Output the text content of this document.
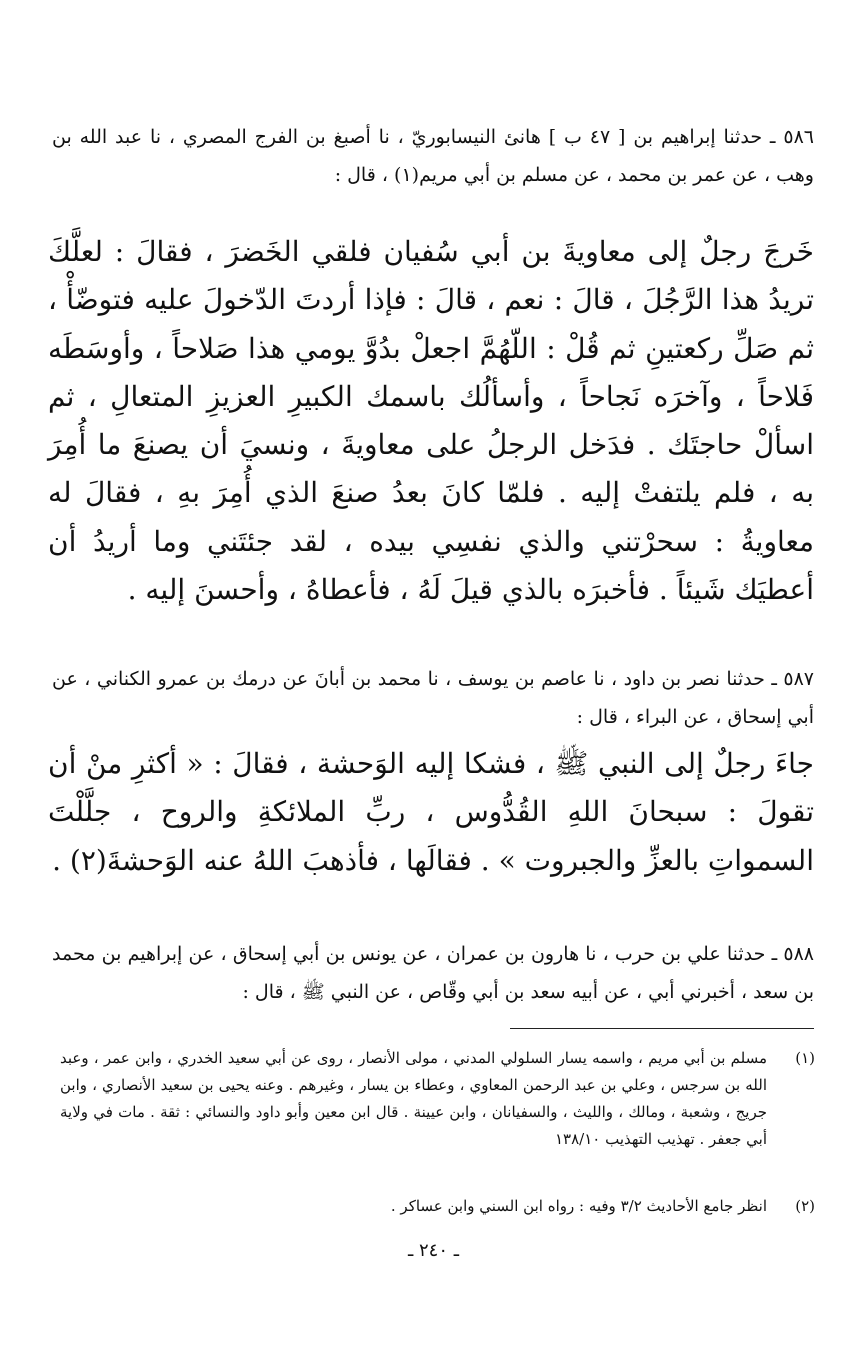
٥٨٦ ـ حدثنا إبراهيم بن [ ٤٧ ب ] هانئ النيسابوريّ ، نا أصبغ بن الفرج المصري ، نا عبد الله بن وهب ، عن عمر بن محمد ، عن مسلم بن أبي مريم(١) ، قال :

خَرجَ رجلٌ إلى معاويةَ بن أبي سُفيان فلقي الخَضرَ ، فقالَ : لعلَّكَ تريدُ هذا الرَّجُلَ ، قالَ : نعم ، قالَ : فإذا أردتَ الدّخولَ عليه فتوضّأْ ، ثم صَلِّ ركعتينِ ثم قُلْ : اللّهُمَّ اجعلْ بدُوَّ يومي هذا صَلاحاً ، وأوسَطَه فَلاحاً ، وآخرَه نَجاحاً ، وأسألُك باسمك الكبيرِ العزيزِ المتعالِ ، ثم اسألْ حاجتَك . فدَخل الرجلُ على معاويةَ ، ونسيَ أن يصنعَ ما أُمِرَ به ، فلم يلتفتْ إليه . فلمّا كانَ بعدُ صنعَ الذي أُمِرَ بهِ ، فقالَ له معاويةُ : سحرْتني والذي نفسِي بيده ، لقد جئتَني وما أريدُ أن أعطيَك شَيئاً . فأخبرَه بالذي قيلَ لَهُ ، فأعطاهُ ، وأحسنَ إليه .

٥٨٧ ـ حدثنا نصر بن داود ، نا عاصم بن يوسف ، نا محمد بن أبانَ عن درمك بن عمرو الكناني ، عن أبي إسحاق ، عن البراء ، قال :

جاءَ رجلٌ إلى النبي ﷺ ، فشكا إليه الوَحشة ، فقالَ : « أكثرِ منْ أن تقولَ : سبحانَ اللهِ القُدُّوس ، ربِّ الملائكةِ والروح ، جلَّلْتَ السمواتِ بالعزِّ والجبروت » . فقالَها ، فأذهبَ اللهُ عنه الوَحشةَ(٢) .

٥٨٨ ـ حدثنا علي بن حرب ، نا هارون بن عمران ، عن يونس بن أبي إسحاق ، عن إبراهيم بن محمد بن سعد ، أخبرني أبي ، عن أبيه سعد بن أبي وقّاص ، عن النبي ﷺ ، قال :

(١)
مسلم بن أبي مريم ، واسمه يسار السلولي المدني ، مولى الأنصار ، روى عن أبي سعيد الخدري ، وابن عمر ، وعبد الله بن سرجس ، وعلي بن عبد الرحمن المعاوي ، وعطاء بن يسار ، وغيرهم . وعنه يحيى بن سعيد الأنصاري ، وابن جريج ، وشعبة ، ومالك ، والليث ، والسفيانان ، وابن عيينة . قال ابن معين وأبو داود والنسائي : ثقة . مات في ولاية أبي جعفر . تهذيب التهذيب ١٣٨/١٠
(٢)
انظر جامع الأحاديث ٣/٢ وفيه : رواه ابن السني وابن عساكر .
ـ ٢٤٠ ـ
